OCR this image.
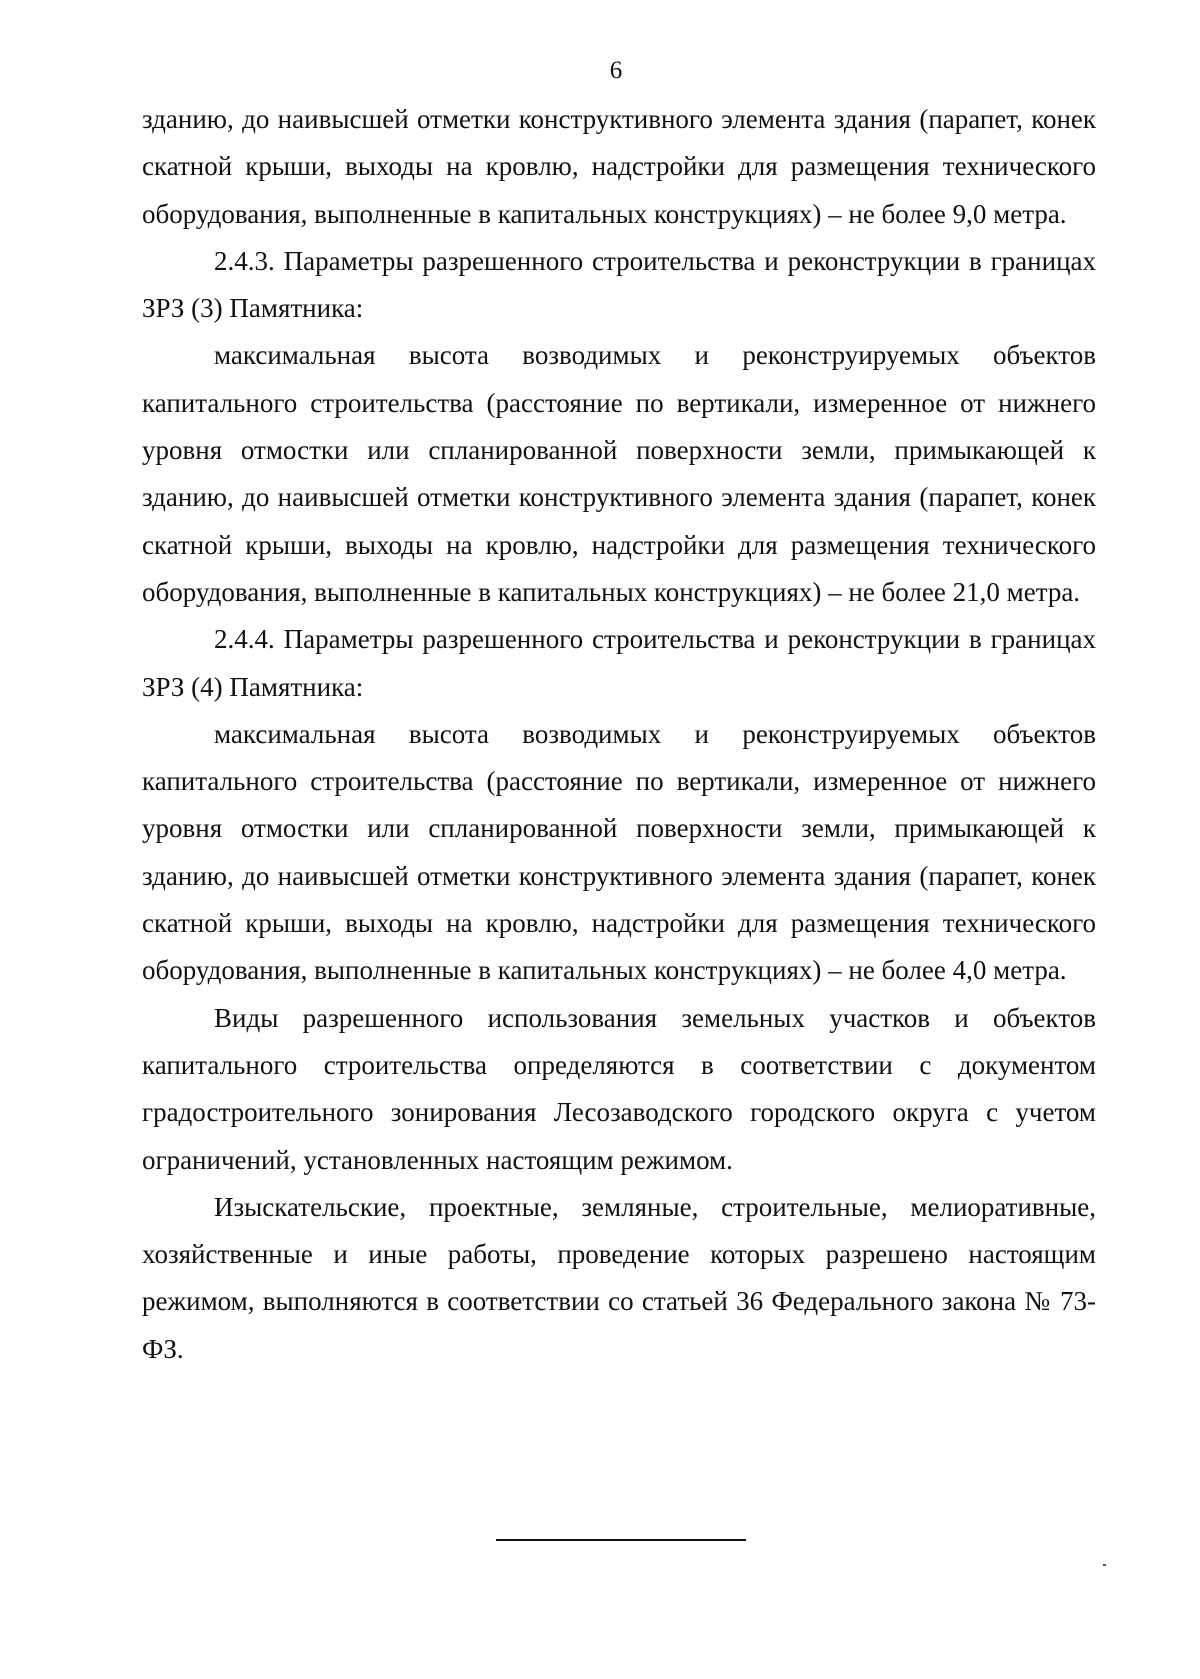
6

зданию, до наивысшей отметки конструктивного элемента здания (парапет, конек скатной крыши, выходы на кровлю, надстройки для размещения технического оборудования, выполненные в капитальных конструкциях) – не более 9,0 метра.

2.4.3. Параметры разрешенного строительства и реконструкции в границах ЗРЗ (3) Памятника:

максимальная высота возводимых и реконструируемых объектов капитального строительства (расстояние по вертикали, измеренное от нижнего уровня отмостки или спланированной поверхности земли, примыкающей к зданию, до наивысшей отметки конструктивного элемента здания (парапет, конек скатной крыши, выходы на кровлю, надстройки для размещения технического оборудования, выполненные в капитальных конструкциях) – не более 21,0 метра.

2.4.4. Параметры разрешенного строительства и реконструкции в границах ЗРЗ (4) Памятника:

максимальная высота возводимых и реконструируемых объектов капитального строительства (расстояние по вертикали, измеренное от нижнего уровня отмостки или спланированной поверхности земли, примыкающей к зданию, до наивысшей отметки конструктивного элемента здания (парапет, конек скатной крыши, выходы на кровлю, надстройки для размещения технического оборудования, выполненные в капитальных конструкциях) – не более 4,0 метра.

Виды разрешенного использования земельных участков и объектов капитального строительства определяются в соответствии с документом градостроительного зонирования Лесозаводского городского округа с учетом ограничений, установленных настоящим режимом.

Изыскательские, проектные, земляные, строительные, мелиоративные, хозяйственные и иные работы, проведение которых разрешено настоящим режимом, выполняются в соответствии со статьей 36 Федерального закона № 73-ФЗ.
